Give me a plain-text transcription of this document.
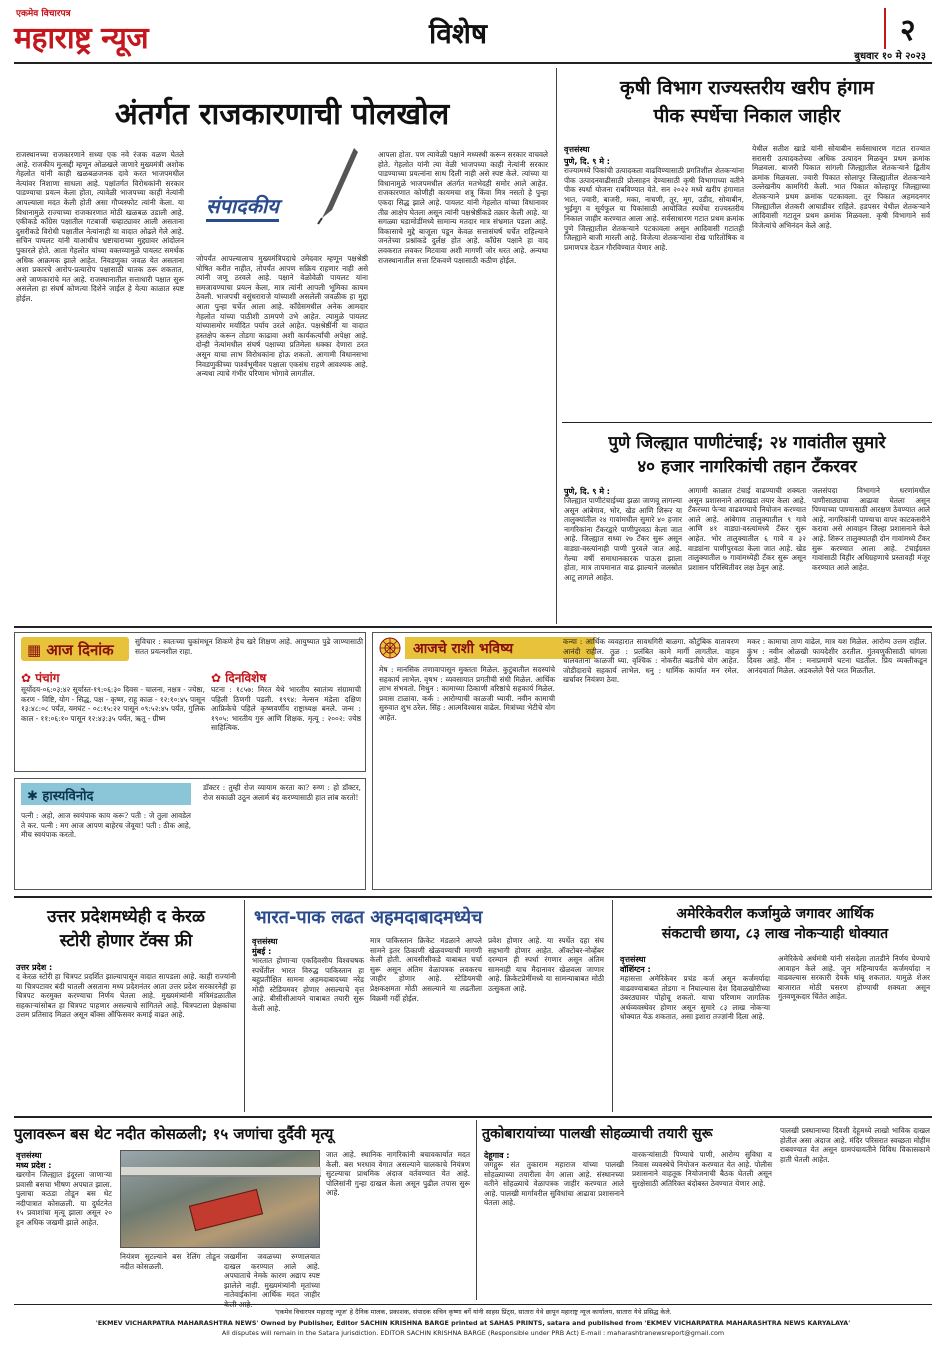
एकमेव विचारपत्र
महाराष्ट्र न्यूज	विशेष	२
बुधवार १० मे २०२३
अंतर्गत राजकारणाची पोलखोल
राजस्थानच्या राजकारणाने सध्या एक नवे रंजक वळण घेतले आहे. राजकीय मुत्सद्दी म्हणून ओळखले जाणारे मुख्यमंत्री अशोक गेहलोत यांनी काही खळबळजनक दावे करत भाजपमधील नेत्यांवर निशाणा साधला आहे. पक्षांतर्गत विरोधकांनी सरकार पाडण्याचा प्रयत्न केला होता, त्यावेळी भाजपच्या काही नेत्यांनी आपल्याला मदत केली होती असा गौप्यस्फोट त्यांनी केला. या विधानामुळे राज्याच्या राजकारणात मोठी खळबळ उडाली आहे. एकीकडे काँग्रेस पक्षातील गटबाजी चव्हाट्यावर आली असताना दुसरीकडे विरोधी पक्षातील नेत्यांनाही या वादात ओढले गेले आहे. सचिन पायलट यांनी याआधीच भ्रष्टाचाराच्या मुद्द्यावर आंदोलन पुकारले होते. आता गेहलोत यांच्या वक्तव्यामुळे पायलट समर्थक अधिक आक्रमक झाले आहेत. निवडणुका जवळ येत असताना अशा प्रकारचे आरोप-प्रत्यारोप पक्षासाठी घातक ठरू शकतात, असे जाणकारांचे मत आहे. राजस्थानातील सत्ताधारी पक्षात सुरू असलेला हा संघर्ष कोणत्या दिशेने जाईल हे येत्या काळात स्पष्ट होईल.
संपादकीय
जोपर्यंत आपल्यालाच मुख्यमंत्रिपदाचे उमेदवार म्हणून पक्षश्रेष्ठी घोषित करीत नाहीत, तोपर्यंत आपण सक्रिय राहणार नाही असे त्यांनी जणू ठरवले आहे. पक्षाने वेळोवेळी पायलट यांना समजावण्याचा प्रयत्न केला, मात्र त्यांनी आपली भूमिका कायम ठेवली. भाजपची वसुंधराराजे यांच्याशी असलेली जवळीक हा मुद्दा आता पुन्हा चर्चेत आला आहे. काँग्रेसमधील अनेक आमदार गेहलोत यांच्या पाठीशी ठामपणे उभे आहेत. त्यामुळे पायलट यांच्यासमोर मर्यादित पर्याय उरले आहेत. पक्षश्रेष्ठींनी या वादात हस्तक्षेप करून तोडगा काढावा अशी कार्यकर्त्यांची अपेक्षा आहे. दोन्ही नेत्यांमधील संघर्ष पक्षाच्या प्रतिमेला धक्का देणारा ठरत असून याचा लाभ विरोधकांना होऊ शकतो. आगामी विधानसभा निवडणुकीच्या पार्श्वभूमीवर पक्षाला एकसंध राहणे आवश्यक आहे. अन्यथा त्याचे गंभीर परिणाम भोगावे लागतील.
आपला होता. पण त्यावेळी पक्षाने मध्यस्थी करून सरकार वाचवले होते. गेहलोत यांनी त्या वेळी भाजपच्या काही नेत्यांनी सरकार पाडण्याच्या प्रयत्नांना साथ दिली नाही असे स्पष्ट केले. त्यांच्या या विधानामुळे भाजपमधील अंतर्गत मतभेदही समोर आले आहेत. राजकारणात कोणीही कायमचा शत्रू किंवा मित्र नसतो हे पुन्हा एकदा सिद्ध झाले आहे. पायलट यांनी गेहलोत यांच्या विधानावर तीव्र आक्षेप घेतला असून त्यांनी पक्षश्रेष्ठींकडे तक्रार केली आहे. या सगळ्या घडामोडींमध्ये सामान्य मतदार मात्र संभ्रमात पडला आहे. विकासाचे मुद्दे बाजूला पडून केवळ सत्तासंघर्ष चर्चेत राहिल्याने जनतेच्या प्रश्नांकडे दुर्लक्ष होत आहे. काँग्रेस पक्षाने हा वाद लवकरात लवकर मिटवावा अशी मागणी जोर धरत आहे. अन्यथा राजस्थानातील सत्ता टिकवणे पक्षासाठी कठीण होईल.
कृषी विभाग राज्यस्तरीय खरीप हंगाम
पीक स्पर्धेचा निकाल जाहीर
वृत्तसंस्था
पुणे, दि. ९ मे :
राज्यामध्ये पिकांची उत्पादकता वाढविण्यासाठी प्रगतिशील शेतकऱ्यांना पीक उत्पादनवाढीसाठी प्रोत्साहन देण्यासाठी कृषी विभागाच्या वतीने पीक स्पर्धा योजना राबविण्यात येते. सन २०२२ मध्ये खरीप हंगामात भात, ज्वारी, बाजरी, मका, नाचणी, तूर, मूग, उडीद, सोयाबीन, भुईमूग व सूर्यफूल या पिकांसाठी आयोजित स्पर्धेचा राज्यस्तरीय निकाल जाहीर करण्यात आला आहे. सर्वसाधारण गटात प्रथम क्रमांक पुणे जिल्ह्यातील शेतकऱ्याने पटकावला असून आदिवासी गटातही जिल्ह्याने बाजी मारली आहे. विजेत्या शेतकऱ्यांना रोख पारितोषिक व प्रमाणपत्र देऊन गौरविण्यात येणार आहे.
येथील सतीश खाडे यांनी सोयाबीन सर्वसाधारण गटात राज्यात सरासरी उत्पादकतेच्या अधिक उत्पादन मिळवून प्रथम क्रमांक मिळवला. बाजरी पिकात सांगली जिल्ह्यातील शेतकऱ्याने द्वितीय क्रमांक मिळवला. ज्वारी पिकात सोलापूर जिल्ह्यातील शेतकऱ्याने उल्लेखनीय कामगिरी केली. भात पिकात कोल्हापूर जिल्ह्याच्या शेतकऱ्याने प्रथम क्रमांक पटकावला. तूर पिकात अहमदनगर जिल्ह्यातील शेतकरी आघाडीवर राहिले. हडपसर येथील शेतकऱ्याने आदिवासी गटातून प्रथम क्रमांक मिळवला. कृषी विभागाने सर्व विजेत्यांचे अभिनंदन केले आहे.
पुणे जिल्ह्यात पाणीटंचाई; २४ गावांतील सुमारे
४० हजार नागरिकांची तहान टँकरवर
पुणे, दि. ९ मे :
जिल्ह्यात पाणीटंचाईच्या झळा जाणवू लागल्या असून आंबेगाव, भोर, खेड आणि शिरूर या तालुक्यांतील २४ गावांमधील सुमारे ४० हजार नागरिकांना टँकरद्वारे पाणीपुरवठा केला जात आहे. जिल्ह्यात सध्या २७ टँकर सुरू असून वाड्या-वस्त्यांनाही पाणी पुरवले जात आहे. गेल्या वर्षी समाधानकारक पाऊस झाला होता, मात्र तापमानात वाढ झाल्याने जलस्रोत आटू लागले आहेत.
आगामी काळात टंचाई वाढण्याची शक्यता असून प्रशासनाने आराखडा तयार केला आहे. टँकरच्या फेऱ्या वाढवण्याचे नियोजन करण्यात आले आहे. आंबेगाव तालुक्यातील ९ गावे आणि ४१ वाड्या-वस्त्यांमध्ये टँकर सुरू आहेत. भोर तालुक्यातील ६ गावे व ३२ वाड्यांना पाणीपुरवठा केला जात आहे. खेड तालुक्यातील ७ गावांमध्येही टँकर सुरू असून प्रशासन परिस्थितीवर लक्ष ठेवून आहे.
जलसंपदा विभागाने धरणांमधील पाणीसाठ्याचा आढावा घेतला असून पिण्याच्या पाण्यासाठी आरक्षण ठेवण्यात आले आहे. नागरिकांनी पाण्याचा वापर काटकसरीने करावा असे आवाहन जिल्हा प्रशासनाने केले आहे. शिरूर तालुक्यातही दोन गावांमध्ये टँकर सुरू करण्यात आला आहे. टंचाईग्रस्त गावांसाठी विहीर अधिग्रहणाचे प्रस्तावही मंजूर करण्यात आले आहेत.
▦ आज दिनांक	सुविचार : स्वतःच्या चुकांमधून शिकणे हेच खरे शिक्षण आहे. आयुष्यात पुढे जाण्यासाठी सतत प्रयत्नशील राहा.
✿ पंचांग
सूर्योदय-०६:०३:४२ सूर्यास्त-१९:०६:३० दिवस - चालना, नक्षत्र - ज्येष्ठा, करण - विष्टि, योग - सिद्ध, पक्ष - कृष्ण, राहू काळ - १२:१०:४५ पासून १३:४८:०८ पर्यंत, यमघंट - ०८:१५:२२ पासून ०९:५२:४५ पर्यंत, गुलिक काल - ११:०६:१० पासून १२:४३:३५ पर्यंत, ऋतू - ग्रीष्म
✿ दिनविशेष
घटना : १८५७: मिरत येथे भारतीय स्वातंत्र्य संग्रामाची पहिली ठिणगी पडली. १९९४: नेल्सन मंडेला दक्षिण आफ्रिकेचे पहिले कृष्णवर्णीय राष्ट्राध्यक्ष बनले. जन्म : १९०५: भारतीय गुरु आणि शिक्षक. मृत्यू : २००२: ज्येष्ठ साहित्यिक.
✱ हास्यविनोद
पत्नी : अहो, आज स्वयंपाक काय करू? पती : जे तुला आवडेल ते कर. पत्नी : मग आज आपण बाहेरच जेवूया! पती : ठीक आहे, मीच स्वयंपाक करतो.
डॉक्टर : तुम्ही रोज व्यायाम करता का? रुग्ण : हो डॉक्टर, रोज सकाळी उठून अलार्म बंद करण्यासाठी हात लांब करतो!
आजचे राशी भविष्य
मेष : मानसिक तणावापासून मुक्तता मिळेल. कुटुंबातील सदस्यांचे सहकार्य लाभेल. वृषभ : व्यवसायात प्रगतीची संधी मिळेल. आर्थिक लाभ संभवतो. मिथुन : कामाच्या ठिकाणी वरिष्ठांचे सहकार्य मिळेल. प्रवास टाळावा. कर्क : आरोग्याची काळजी घ्यावी. नवीन कामाची सुरुवात शुभ ठरेल. सिंह : आत्मविश्वास वाढेल. मित्रांच्या भेटीचे योग आहेत.
कन्या : आर्थिक व्यवहारात सावधगिरी बाळगा. कौटुंबिक वातावरण आनंदी राहील. तुळ : प्रलंबित कामे मार्गी लागतील. वाहन चालवताना काळजी घ्या. वृश्चिक : नोकरीत बढतीचे योग आहेत. जोडीदाराचे सहकार्य लाभेल. धनु : धार्मिक कार्यात मन रमेल. खर्चावर नियंत्रण ठेवा.
मकर : कामाचा ताण वाढेल, मात्र यश मिळेल. आरोग्य उत्तम राहील. कुंभ : नवीन ओळखी फायदेशीर ठरतील. गुंतवणुकीसाठी चांगला दिवस आहे. मीन : मनाप्रमाणे घटना घडतील. प्रिय व्यक्तीकडून आनंदवार्ता मिळेल. अडकलेले पैसे परत मिळतील.
उत्तर प्रदेशमध्येही द केरळ
स्टोरी होणार टॅक्स फ्री
उत्तर प्रदेश :
द केरळ स्टोरी हा चित्रपट प्रदर्शित झाल्यापासून वादात सापडला आहे. काही राज्यांनी या चित्रपटावर बंदी घातली असताना मध्य प्रदेशनंतर आता उत्तर प्रदेश सरकारनेही हा चित्रपट करमुक्त करण्याचा निर्णय घेतला आहे. मुख्यमंत्र्यांनी मंत्रिमंडळातील सहकाऱ्यांसोबत हा चित्रपट पाहणार असल्याचे सांगितले आहे. चित्रपटाला प्रेक्षकांचा उत्तम प्रतिसाद मिळत असून बॉक्स ऑफिसवर कमाई वाढत आहे.
भारत-पाक लढत अहमदाबादमध्येच
वृत्तसंस्था
मुंबई :
भारतात होणाऱ्या एकदिवसीय विश्वचषक स्पर्धेतील भारत विरुद्ध पाकिस्तान हा बहुप्रतीक्षित सामना अहमदाबादच्या नरेंद्र मोदी स्टेडियमवर होणार असल्याचे वृत्त आहे. बीसीसीआयने याबाबत तयारी सुरू केली आहे.
मात्र पाकिस्तान क्रिकेट मंडळाने आपले सामने इतर ठिकाणी खेळवण्याची मागणी केली होती. आयसीसीकडे याबाबत चर्चा सुरू असून अंतिम वेळापत्रक लवकरच जाहीर होणार आहे. स्टेडियमची प्रेक्षकक्षमता मोठी असल्याने या लढतीला विक्रमी गर्दी होईल.
प्रवेश होणार आहे. या स्पर्धेत दहा संघ सहभागी होणार आहेत. ऑक्टोबर-नोव्हेंबर दरम्यान ही स्पर्धा रंगणार असून अंतिम सामनाही याच मैदानावर खेळवला जाणार आहे. क्रिकेटप्रेमींमध्ये या सामन्याबाबत मोठी उत्सुकता आहे.
अमेरिकेवरील कर्जामुळे जगावर आर्थिक
संकटाची छाया, ८३ लाख नोकऱ्याही धोक्यात
वृत्तसंस्था
वॉशिंग्टन :
महासत्ता अमेरिकेवर प्रचंड कर्ज असून कर्जमर्यादा वाढवण्याबाबत तोडगा न निघाल्यास देश दिवाळखोरीच्या उंबरठ्यावर पोहोचू शकतो. याचा परिणाम जागतिक अर्थव्यवस्थेवर होणार असून सुमारे ८३ लाख नोकऱ्या धोक्यात येऊ शकतात, असा इशारा तज्ज्ञांनी दिला आहे.
अमेरिकेचे अर्थमंत्री यांनी संसदेला तातडीने निर्णय घेण्याचे आवाहन केले आहे. जून महिन्यापर्यंत कर्जमर्यादा न वाढवल्यास सरकारी देयके थांबू शकतात. यामुळे शेअर बाजारात मोठी घसरण होण्याची शक्यता असून गुंतवणूकदार चिंतेत आहेत.
पुलावरून बस थेट नदीत कोसळली; १५ जणांचा दुर्दैवी मृत्यू
वृत्तसंस्था
मध्य प्रदेश :
खरगोन जिल्ह्यात इंदूरला जाणाऱ्या प्रवासी बसचा भीषण अपघात झाला. पुलाचा कठडा तोडून बस थेट नदीपात्रात कोसळली. या दुर्घटनेत १५ प्रवाशांचा मृत्यू झाला असून २० हून अधिक जखमी झाले आहेत.
नियंत्रण सुटल्याने बस रेलिंग तोडून नदीत कोसळली.
जखमींना जवळच्या रुग्णालयात दाखल करण्यात आले आहे. अपघाताचे नेमके कारण अद्याप स्पष्ट झालेले नाही. मुख्यमंत्र्यांनी मृतांच्या नातेवाईकांना आर्थिक मदत जाहीर
जात आहे. स्थानिक नागरिकांनी बचावकार्यात मदत केली. बस भरधाव वेगात असल्याने चालकाचे नियंत्रण सुटल्याचा प्राथमिक अंदाज वर्तवण्यात येत आहे. पोलिसांनी गुन्हा दाखल केला असून पुढील तपास सुरू आहे.
तुकोबारायांच्या पालखी सोहळ्याची तयारी सुरू
देहूगाव :
जगद्गुरू संत तुकाराम महाराज यांच्या पालखी सोहळ्याच्या तयारीला वेग आला आहे. संस्थानच्या वतीने सोहळ्याचे वेळापत्रक जाहीर करण्यात आले आहे. पालखी मार्गावरील सुविधांचा आढावा प्रशासनाने घेतला आहे.
वारकऱ्यांसाठी पिण्याचे पाणी, आरोग्य सुविधा व निवास व्यवस्थेचे नियोजन करण्यात येत आहे. पोलीस प्रशासनाने वाहतूक नियोजनाची बैठक घेतली असून सुरक्षेसाठी अतिरिक्त बंदोबस्त ठेवण्यात येणार आहे.
पालखी प्रस्थानाच्या दिवशी देहूमध्ये लाखो भाविक दाखल होतील असा अंदाज आहे. मंदिर परिसरात स्वच्छता मोहीम राबवण्यात येत असून ग्रामपंचायतीने विविध विकासकामे हाती घेतली आहेत.
'एकमेव विचारपत्र महाराष्ट्र न्यूज' हे दैनिक मालक, प्रकाशक, संपादक सचिन कृष्णा बर्गे यांनी साहस प्रिंट्स, सातारा येथे छापून महाराष्ट्र न्यूज कार्यालय, सातारा येथे प्रसिद्ध केले.
'EKMEV VICHARPATRA MAHARASHTRA NEWS' Owned by Publisher, Editor SACHIN KRISHNA BARGE printed at SAHAS PRINTS, satara and published from 'EKMEV VICHARPATRA MAHARASHTRA NEWS KARYALAYA'
All disputes will remain in the Satara jurisdiction. EDITOR SACHIN KRISHNA BARGE (Responsible under PRB Act) E-mail : maharashtranewsreport@gmail.com
